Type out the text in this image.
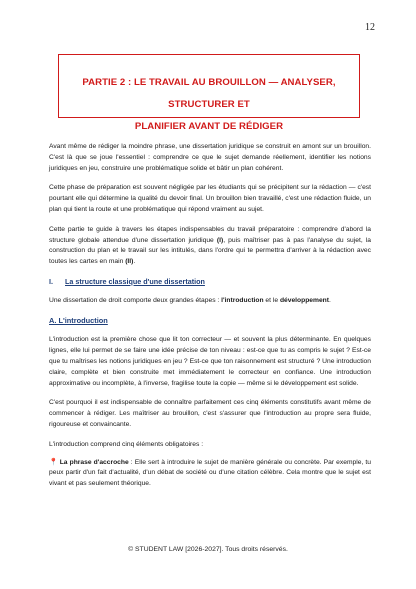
12
PARTIE 2 : LE TRAVAIL AU BROUILLON — ANALYSER, STRUCTURER ET
PLANIFIER AVANT DE RÉDIGER

Avant même de rédiger la moindre phrase, une dissertation juridique se construit en amont sur un brouillon. C'est là que se joue l'essentiel : comprendre ce que le sujet demande réellement, identifier les notions juridiques en jeu, construire une problématique solide et bâtir un plan cohérent.

Cette phase de préparation est souvent négligée par les étudiants qui se précipitent sur la rédaction — c'est pourtant elle qui détermine la qualité du devoir final. Un brouillon bien travaillé, c'est une rédaction fluide, un plan qui tient la route et une problématique qui répond vraiment au sujet.

Cette partie te guide à travers les étapes indispensables du travail préparatoire : comprendre d'abord la structure globale attendue d'une dissertation juridique (I), puis maîtriser pas à pas l'analyse du sujet, la construction du plan et le travail sur les intitulés, dans l'ordre qui te permettra d'arriver à la rédaction avec toutes les cartes en main (II).

I. La structure classique d'une dissertation

Une dissertation de droit comporte deux grandes étapes : l'introduction et le développement.

A. L'introduction

L'introduction est la première chose que lit ton correcteur — et souvent la plus déterminante. En quelques lignes, elle lui permet de se faire une idée précise de ton niveau : est-ce que tu as compris le sujet ? Est-ce que tu maîtrises les notions juridiques en jeu ? Est-ce que ton raisonnement est structuré ? Une introduction claire, complète et bien construite met immédiatement le correcteur en confiance. Une introduction approximative ou incomplète, à l'inverse, fragilise toute la copie — même si le développement est solide.

C'est pourquoi il est indispensable de connaître parfaitement ces cinq éléments constitutifs avant même de commencer à rédiger. Les maîtriser au brouillon, c'est s'assurer que l'introduction au propre sera fluide, rigoureuse et convaincante.

L'introduction comprend cinq éléments obligatoires :

📍 La phrase d'accroche : Elle sert à introduire le sujet de manière générale ou concrète. Par exemple, tu peux partir d'un fait d'actualité, d'un débat de société ou d'une citation célèbre. Cela montre que le sujet est vivant et pas seulement théorique.

© STUDENT LAW [2026-2027]. Tous droits réservés.
